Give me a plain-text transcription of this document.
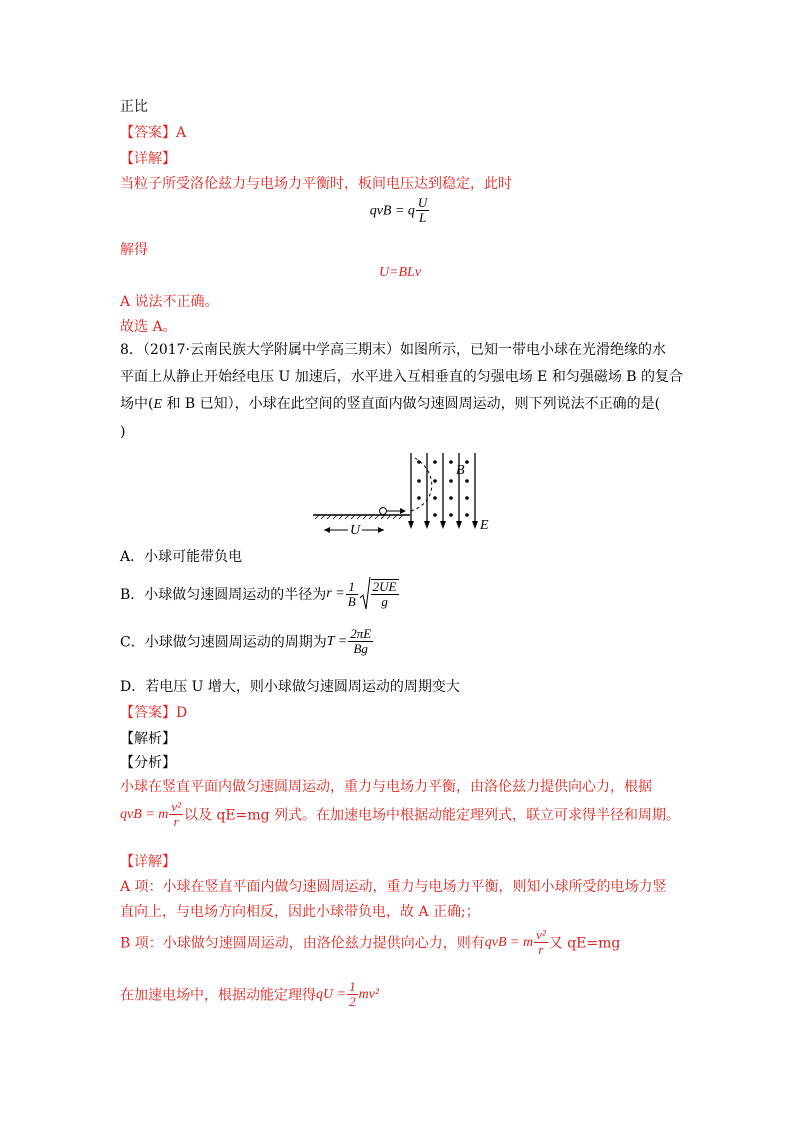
正比
【答案】A
【详解】
当粒子所受洛伦兹力与电场力平衡时，板间电压达到稳定，此时
qvB = q $\frac{U}{L}$
解得
U=BLv
A 说法不正确。
故选 A。
8．（2017·云南民族大学附属中学高三期末）如图所示，已知一带电小球在光滑绝缘的水
平面上从静止开始经电压 U 加速后，水平进入互相垂直的匀强电场 E 和匀强磁场 B 的复合
场中(E 和 B 已知），小球在此空间的竖直面内做匀速圆周运动，则下列说法不正确的是(
)
U
B
E
A．小球可能带负电
B．小球做匀速圆周运动的半径为$r = \frac{1}{B} \frac{2UE}{g}$
C．小球做匀速圆周运动的周期为$T = \frac{2\pi E}{Bg}$
D．若电压 U 增大，则小球做匀速圆周运动的周期变大
【答案】D
【解析】
【分析】
小球在竖直平面内做匀速圆周运动，重力与电场力平衡，由洛伦兹力提供向心力，根据
qvB = m $\frac{\text{v²}}{r}$ 以及 qE=mg 列式。在加速电场中根据动能定理列式，联立可求得半径和周期。
【详解】
A 项：小球在竖直平面内做匀速圆周运动，重力与电场力平衡，则知小球所受的电场力竖
直向上，与电场方向相反，因此小球带负电，故 A 正确;；
B 项：小球做匀速圆周运动，由洛伦兹力提供向心力，则有qvB = m $\frac{\text{v²}}{r}$ 又 qE=mg
在加速电场中，根据动能定理得qU = $\frac{1}{2} mv^2$
